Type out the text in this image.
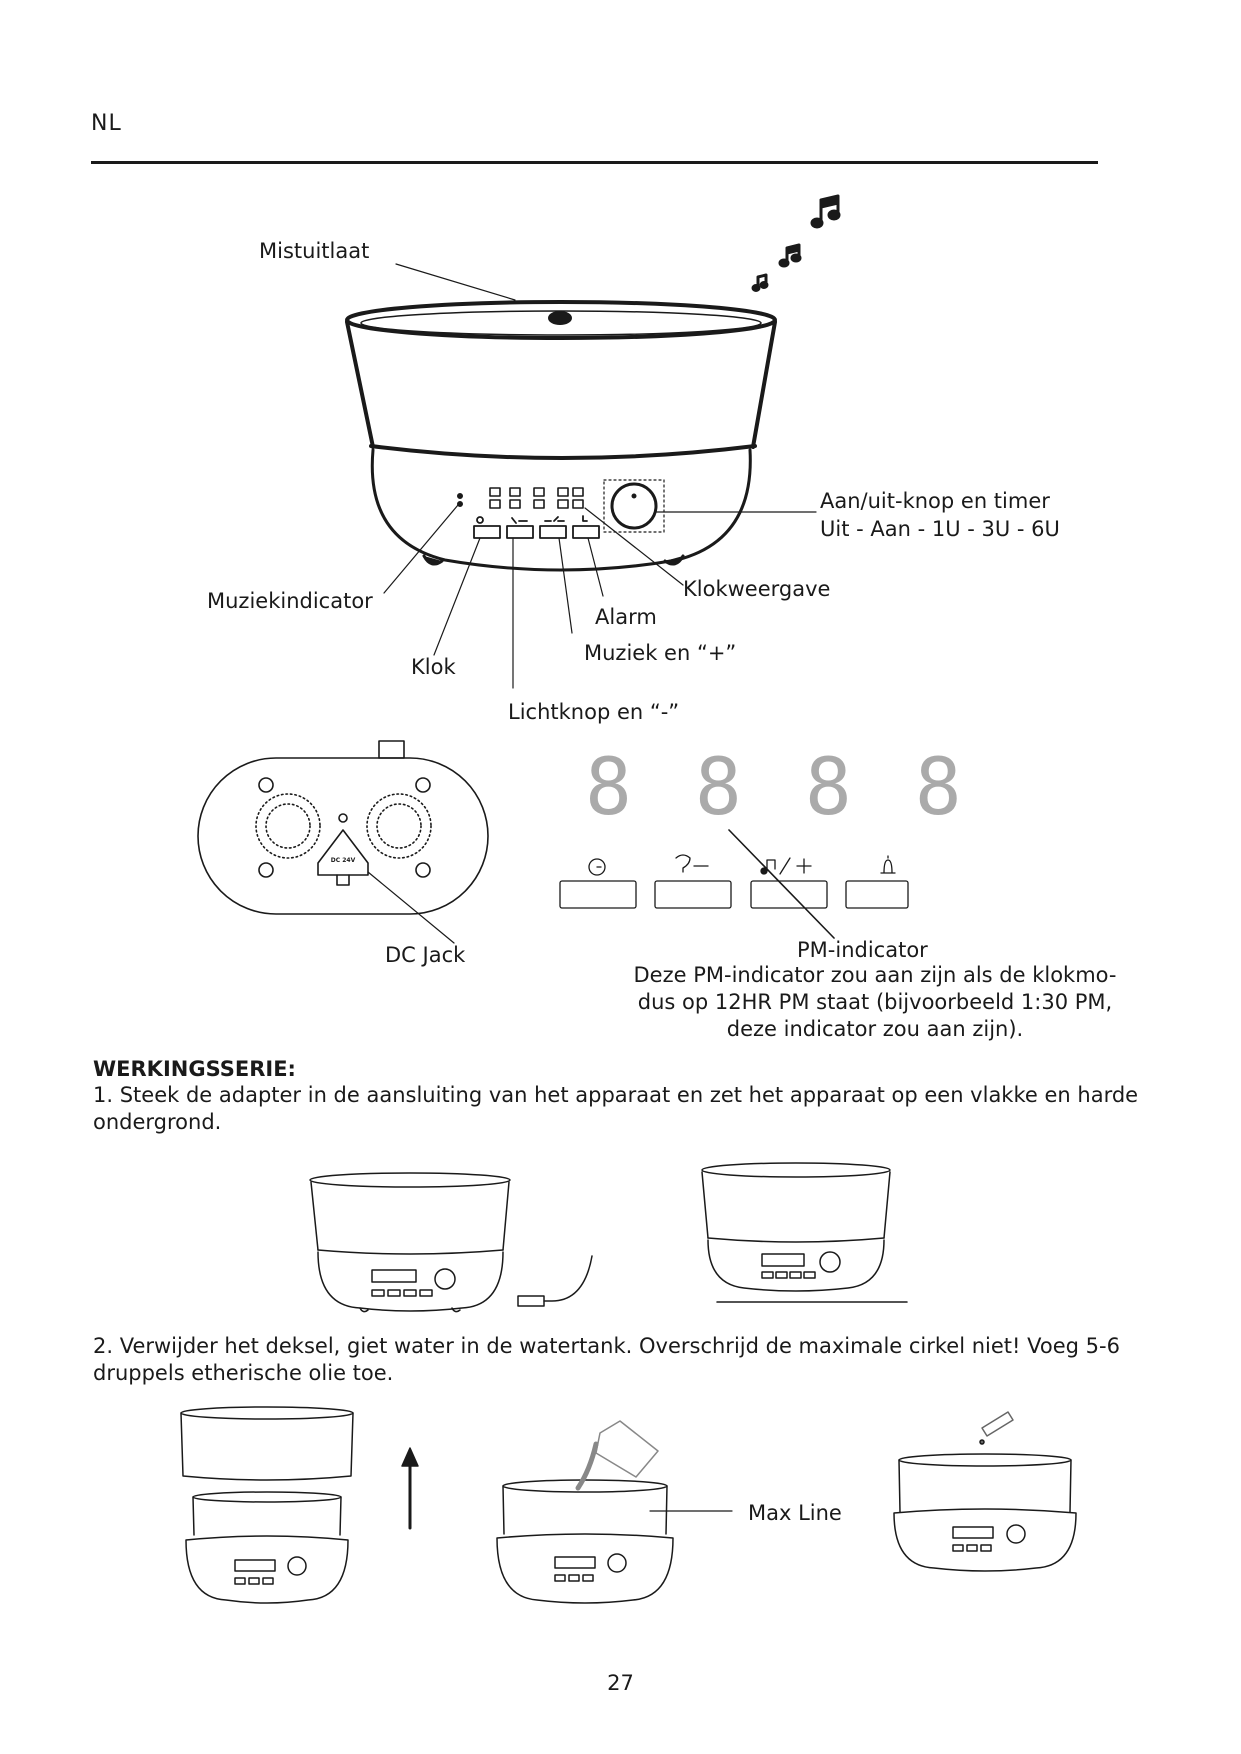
NL
DC 24V
8 8 8 8
Mistuitlaat
Aan/uit-knop en timer
Uit - Aan - 1U - 3U - 6U
Klokweergave
Muziekindicator
Alarm
Muziek en “+”
Klok
Lichtknop en “-”
DC Jack	PM-indicator
Max Line
Deze PM-indicator zou aan zijn als de klokmo-
dus op 12HR PM staat (bijvoorbeeld 1:30 PM,
deze indicator zou aan zijn).
WERKINGSSERIE:
1. Steek de adapter in de aansluiting van het apparaat en zet het apparaat op een vlakke en harde ondergrond.
2. Verwijder het deksel, giet water in de watertank. Overschrijd de maximale cirkel niet! Voeg 5-6 druppels etherische olie toe.
27
